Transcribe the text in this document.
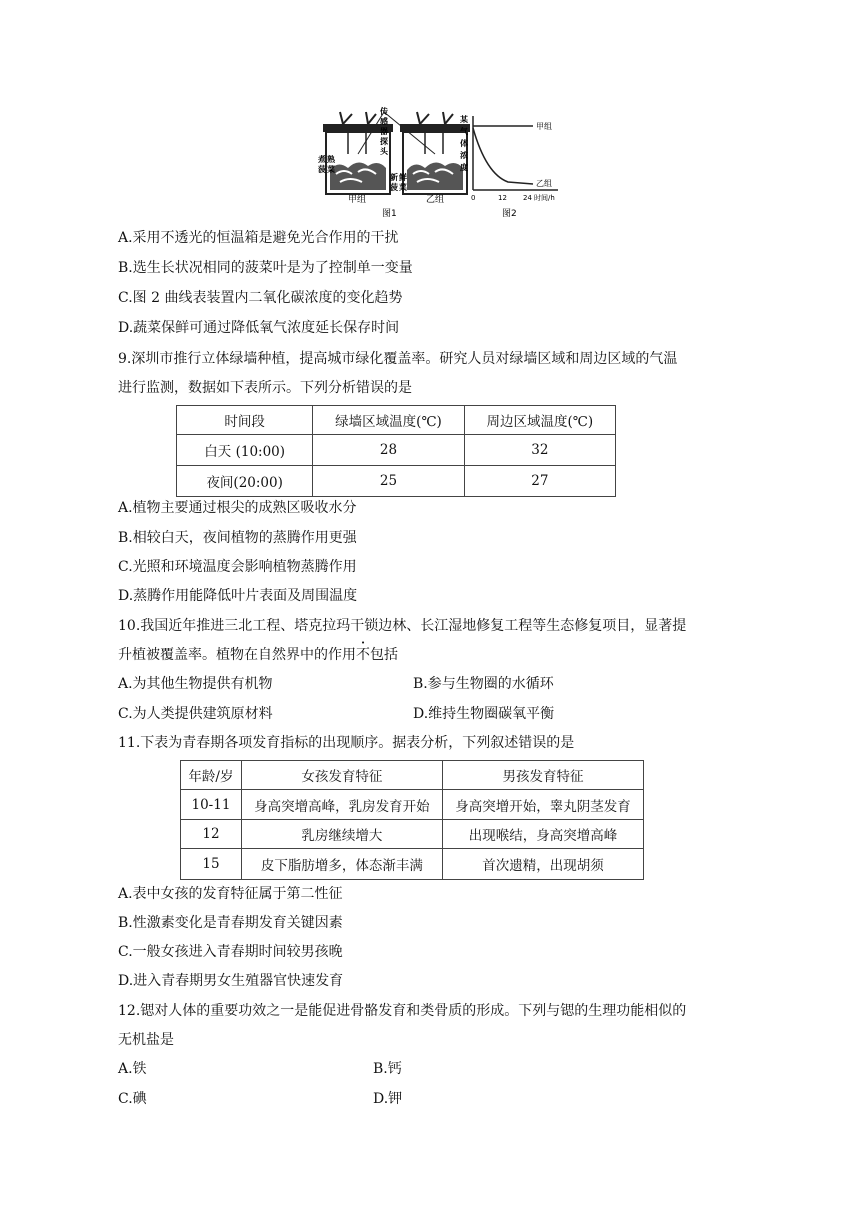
传感器探头
煮熟菠菜
新鲜菠菜
甲组	乙组
图1
某气体浓度
甲组
乙组
0	12 24 时间/h
图2
A.采用不透光的恒温箱是避免光合作用的干扰
B.选生长状况相同的菠菜叶是为了控制单一变量
C.图 2 曲线表装置内二氧化碳浓度的变化趋势
D.蔬菜保鲜可通过降低氧气浓度延长保存时间
9.深圳市推行立体绿墙种植，提高城市绿化覆盖率。研究人员对绿墙区域和周边区域的气温
进行监测，数据如下表所示。下列分析错误的是
时间段	绿墙区域温度(℃)	周边区域温度(℃)
白天 (10:00)	28	32
夜间(20:00)	25	27
A.植物主要通过根尖的成熟区吸收水分
B.相较白天，夜间植物的蒸腾作用更强
C.光照和环境温度会影响植物蒸腾作用
D.蒸腾作用能降低叶片表面及周围温度
10.我国近年推进三北工程、塔克拉玛干锁边林、长江湿地修复工程等生态修复项目，显著提
升植被覆盖率。植物在自然界中的作用不包括
A.为其他生物提供有机物	B.参与生物圈的水循环
C.为人类提供建筑原材料	D.维持生物圈碳氧平衡
11.下表为青春期各项发育指标的出现顺序。据表分析，下列叙述错误的是
年龄/岁	女孩发育特征	男孩发育特征
10-11	身高突增高峰，乳房发育开始	身高突增开始，睾丸阴茎发育
12	乳房继续增大	出现喉结，身高突增高峰
15	皮下脂肪增多，体态渐丰满	首次遗精，出现胡须
A.表中女孩的发育特征属于第二性征
B.性激素变化是青春期发育关键因素
C.一般女孩进入青春期时间较男孩晚
D.进入青春期男女生殖器官快速发育
12.锶对人体的重要功效之一是能促进骨骼发育和类骨质的形成。下列与锶的生理功能相似的
无机盐是
A.铁	B.钙
C.碘	D.钾
